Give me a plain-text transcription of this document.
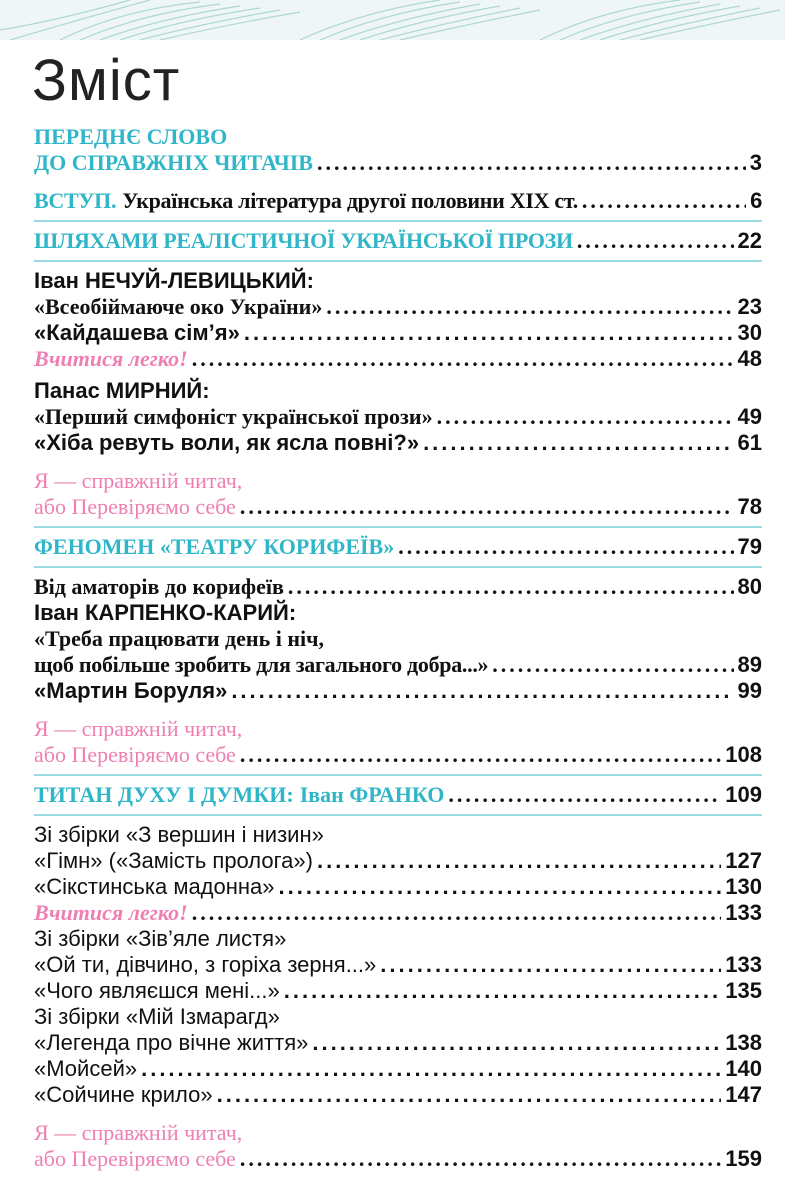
Зміст
ПЕРЕДНЄ СЛОВО
ДО СПРАВЖНІХ ЧИТАЧІВ .....	3
ВСТУП. Українська література другої половини XIX ст. .....	6
ШЛЯХАМИ РЕАЛІСТИЧНОЇ УКРАЇНСЬКОЇ ПРОЗИ .....	22
Іван НЕЧУЙ-ЛЕВИЦЬКИЙ:
«Всеобіймаюче око України» .....	23
«Кайдашева сім’я» .....	30
Вчитися легко! .....	48
Панас МИРНИЙ:
«Перший симфоніст української прози» .....	49
«Хіба ревуть воли, як ясла повні?» .....	61
Я — справжній читач,
або Перевіряємо себе .....	78
ФЕНОМЕН «ТЕАТРУ КОРИФЕЇВ» .....	79
Від аматорів до корифеїв .....	80
Іван КАРПЕНКО-КАРИЙ:
«Треба працювати день і ніч,
щоб побільше зробить для загального добра...» .....	89
«Мартин Боруля» .....	99
Я — справжній читач,
або Перевіряємо себе .....	108
ТИТАН ДУХУ І ДУМКИ: Іван ФРАНКО .....	109
Зі збірки «З вершин і низин»
«Гімн» («Замість пролога») .....	127
«Сікстинська мадонна» .....	130
Вчитися легко! .....	133
Зі збірки «Зів’яле листя»
«Ой ти, дівчино, з горіха зерня...» .....	133
«Чого являєшся мені...» .....	135
Зі збірки «Мій Ізмарагд»
«Легенда про вічне життя» .....	138
«Мойсей» .....	140
«Сойчине крило» .....	147
Я — справжній читач,
або Перевіряємо себе .....	159
